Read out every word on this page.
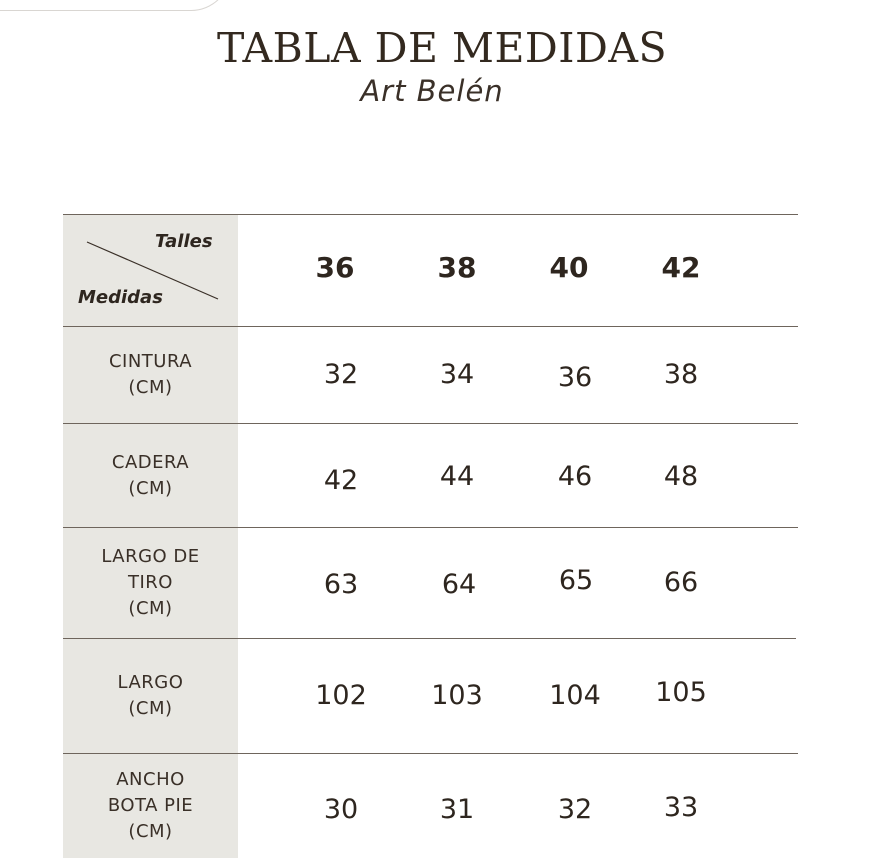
TABLA DE MEDIDAS

Art Belén

Talles
Medidas
36	38	40	42
CINTURA
(CM)	32	34	36	38
CADERA
(CM)	42	44	46	48
LARGO DE
TIRO
(CM)
63	64	65	66
LARGO
(CM)	102 103 104 105
ANCHO
BOTA PIE
(CM)
30	31	32	33
